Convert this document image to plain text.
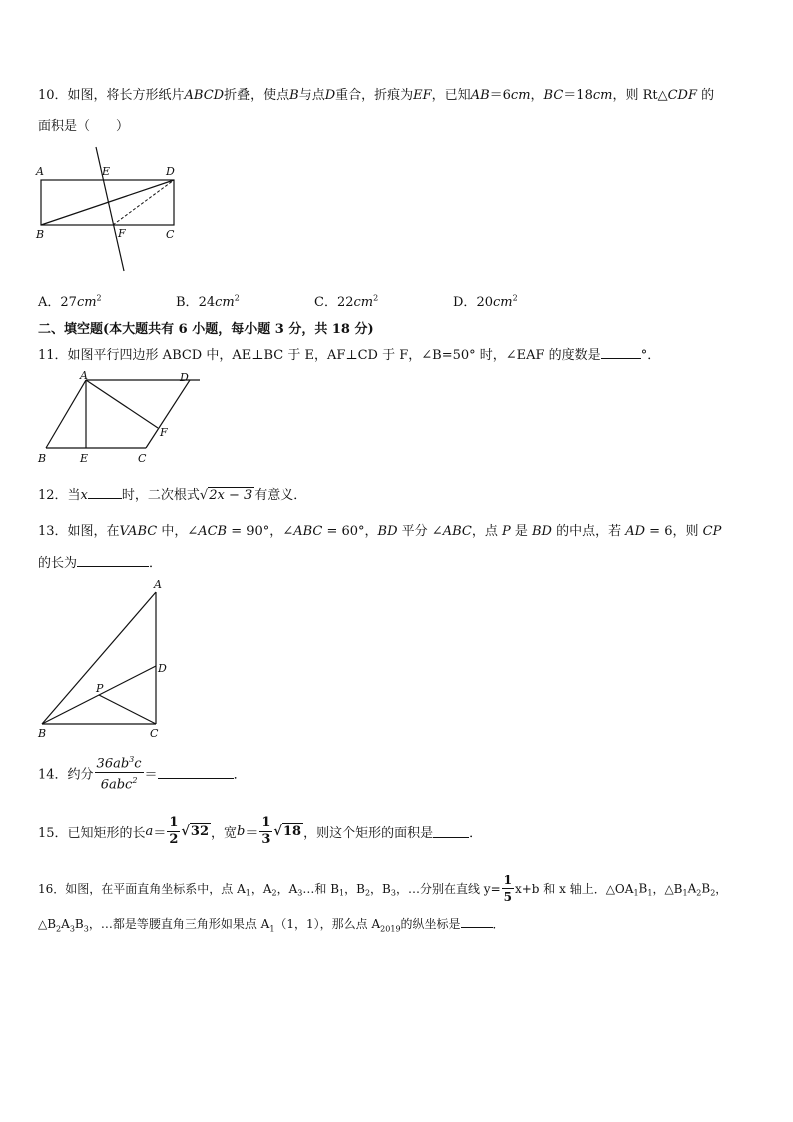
10．如图，将长方形纸片ABCD折叠，使点B与点D重合，折痕为EF，已知AB＝6cm，BC＝18cm，则 Rt△CDF 的
面积是（　　）
A	E	D
B	F	C
A．$27cm^2$	B．$24cm^2$	C．$22cm^2$	D．$20cm^2$
二、填空题(本大题共有 6 小题，每小题 3 分，共 18 分)
11．如图平行四边形 ABCD 中，AE⊥BC 于 E，AF⊥CD 于 F，∠B=50° 时，∠EAF 的度数是	°．
A	D
F
B	E	C
12．当x	时，二次根式√2x − 3 有意义．
13．如图，在VABC 中，∠ACB = 90°，∠ABC = 60°，BD 平分 ∠ABC，点 P 是 BD 的中点，若 AD = 6，则 CP
的长为	．
A
D
P
B	C
14．约分 $\frac{36ab^3c}{6abc^2}$ ＝	．
15．已知矩形的长$a= \frac{1}{2} √32$ ，宽$b= \frac{1}{3} √18$ ，则这个矩形的面积是	．
16．如图，在平面直角坐标系中，点 $A_1$，$A_2$，$A_3\dots$和 $B_1$，$B_2$，$B_3$，…分别在直线 $y= \frac{1}{5} x+b$ 和 x 轴上．$\triangle OA_1B_1$，$\triangle B_1A_2B_2$，
$\triangle B_2A_3B_3$，…都是等腰直角三角形如果点 $A_1(1$，1），那么点 $A_{2019}$的纵坐标是	．
